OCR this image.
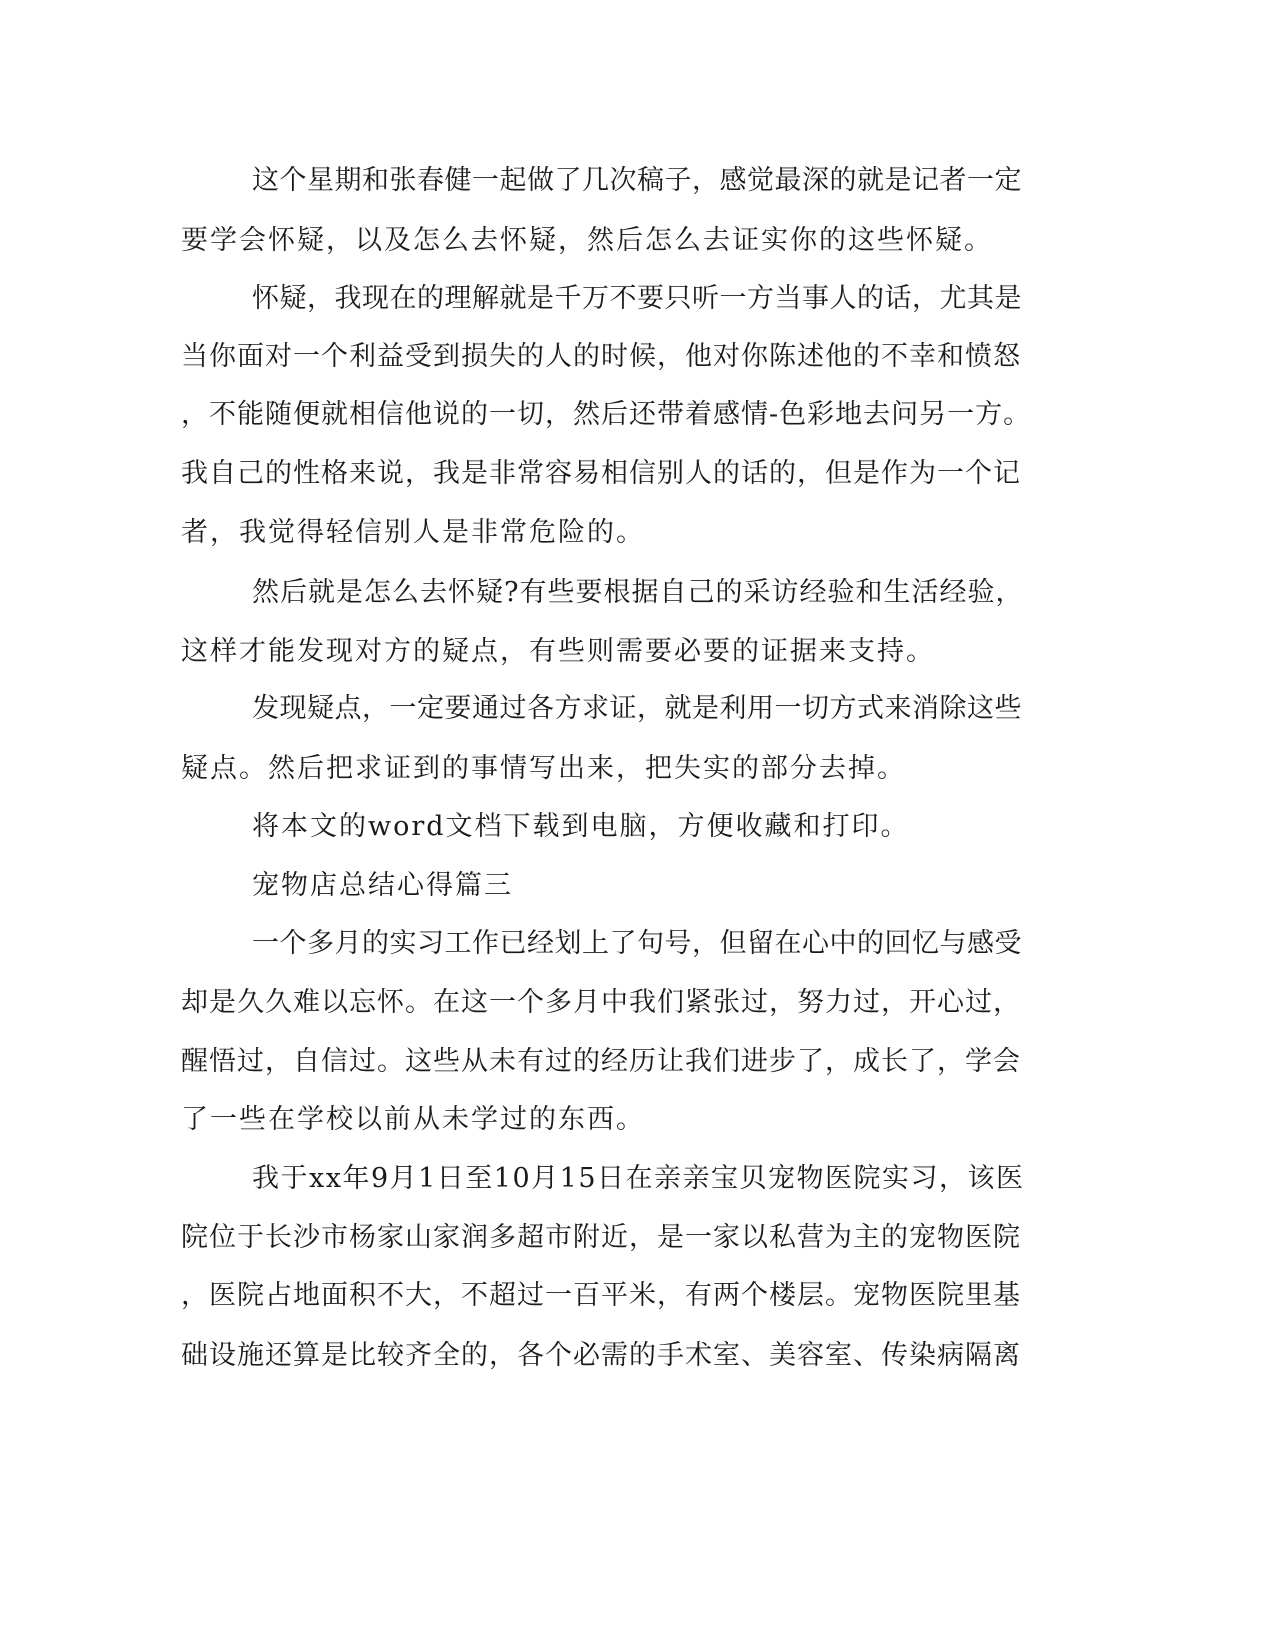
这个星期和张春健一起做了几次稿子，感觉最深的就是记者一定
要学会怀疑，以及怎么去怀疑，然后怎么去证实你的这些怀疑。
怀疑，我现在的理解就是千万不要只听一方当事人的话，尤其是
当你面对一个利益受到损失的人的时候，他对你陈述他的不幸和愤怒
，不能随便就相信他说的一切，然后还带着感情-色彩地去问另一方。
我自己的性格来说，我是非常容易相信别人的话的，但是作为一个记
者，我觉得轻信别人是非常危险的。
然后就是怎么去怀疑?有些要根据自己的采访经验和生活经验，
这样才能发现对方的疑点，有些则需要必要的证据来支持。
发现疑点，一定要通过各方求证，就是利用一切方式来消除这些
疑点。然后把求证到的事情写出来，把失实的部分去掉。
将本文的word文档下载到电脑，方便收藏和打印。
宠物店总结心得篇三
一个多月的实习工作已经划上了句号，但留在心中的回忆与感受
却是久久难以忘怀。在这一个多月中我们紧张过，努力过，开心过，
醒悟过，自信过。这些从未有过的经历让我们进步了，成长了，学会
了一些在学校以前从未学过的东西。
我于xx年9月1日至10月15日在亲亲宝贝宠物医院实习，该医
院位于长沙市杨家山家润多超市附近，是一家以私营为主的宠物医院
，医院占地面积不大，不超过一百平米，有两个楼层。宠物医院里基
础设施还算是比较齐全的，各个必需的手术室、美容室、传染病隔离
